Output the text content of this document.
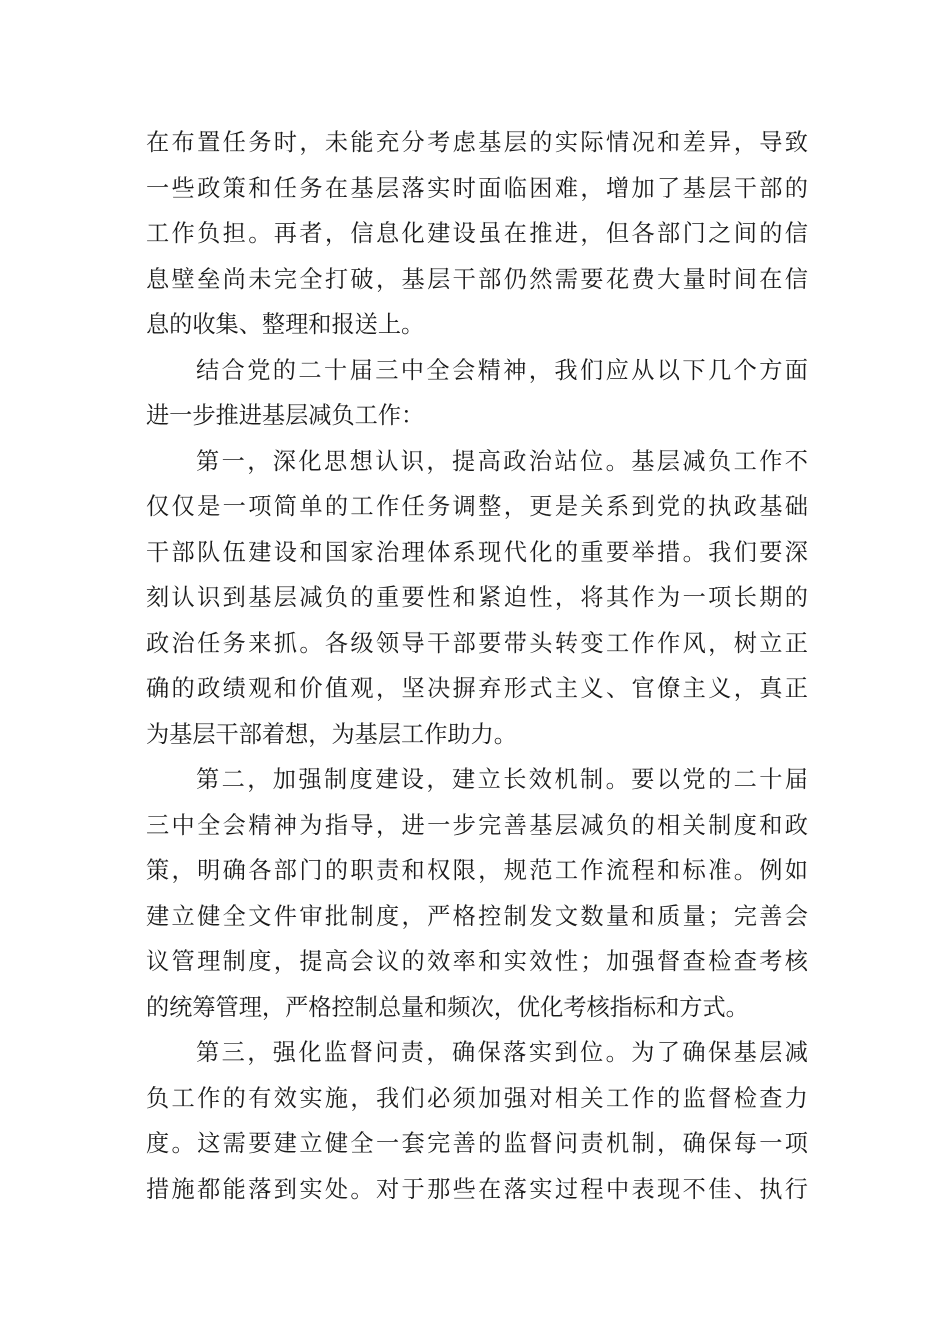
在布置任务时，未能充分考虑基层的实际情况和差异，导致
一些政策和任务在基层落实时面临困难，增加了基层干部的
工作负担。再者，信息化建设虽在推进，但各部门之间的信
息壁垒尚未完全打破，基层干部仍然需要花费大量时间在信
息的收集、整理和报送上。
结合党的二十届三中全会精神，我们应从以下几个方面
进一步推进基层减负工作：
第一，深化思想认识，提高政治站位。基层减负工作不
仅仅是一项简单的工作任务调整，更是关系到党的执政基础
干部队伍建设和国家治理体系现代化的重要举措。我们要深
刻认识到基层减负的重要性和紧迫性，将其作为一项长期的
政治任务来抓。各级领导干部要带头转变工作作风，树立正
确的政绩观和价值观，坚决摒弃形式主义、官僚主义，真正
为基层干部着想，为基层工作助力。
第二，加强制度建设，建立长效机制。要以党的二十届
三中全会精神为指导，进一步完善基层减负的相关制度和政
策，明确各部门的职责和权限，规范工作流程和标准。例如
建立健全文件审批制度，严格控制发文数量和质量；完善会
议管理制度，提高会议的效率和实效性；加强督查检查考核
的统筹管理，严格控制总量和频次，优化考核指标和方式。
第三，强化监督问责，确保落实到位。为了确保基层减
负工作的有效实施，我们必须加强对相关工作的监督检查力
度。这需要建立健全一套完善的监督问责机制，确保每一项
措施都能落到实处。对于那些在落实过程中表现不佳、执行
